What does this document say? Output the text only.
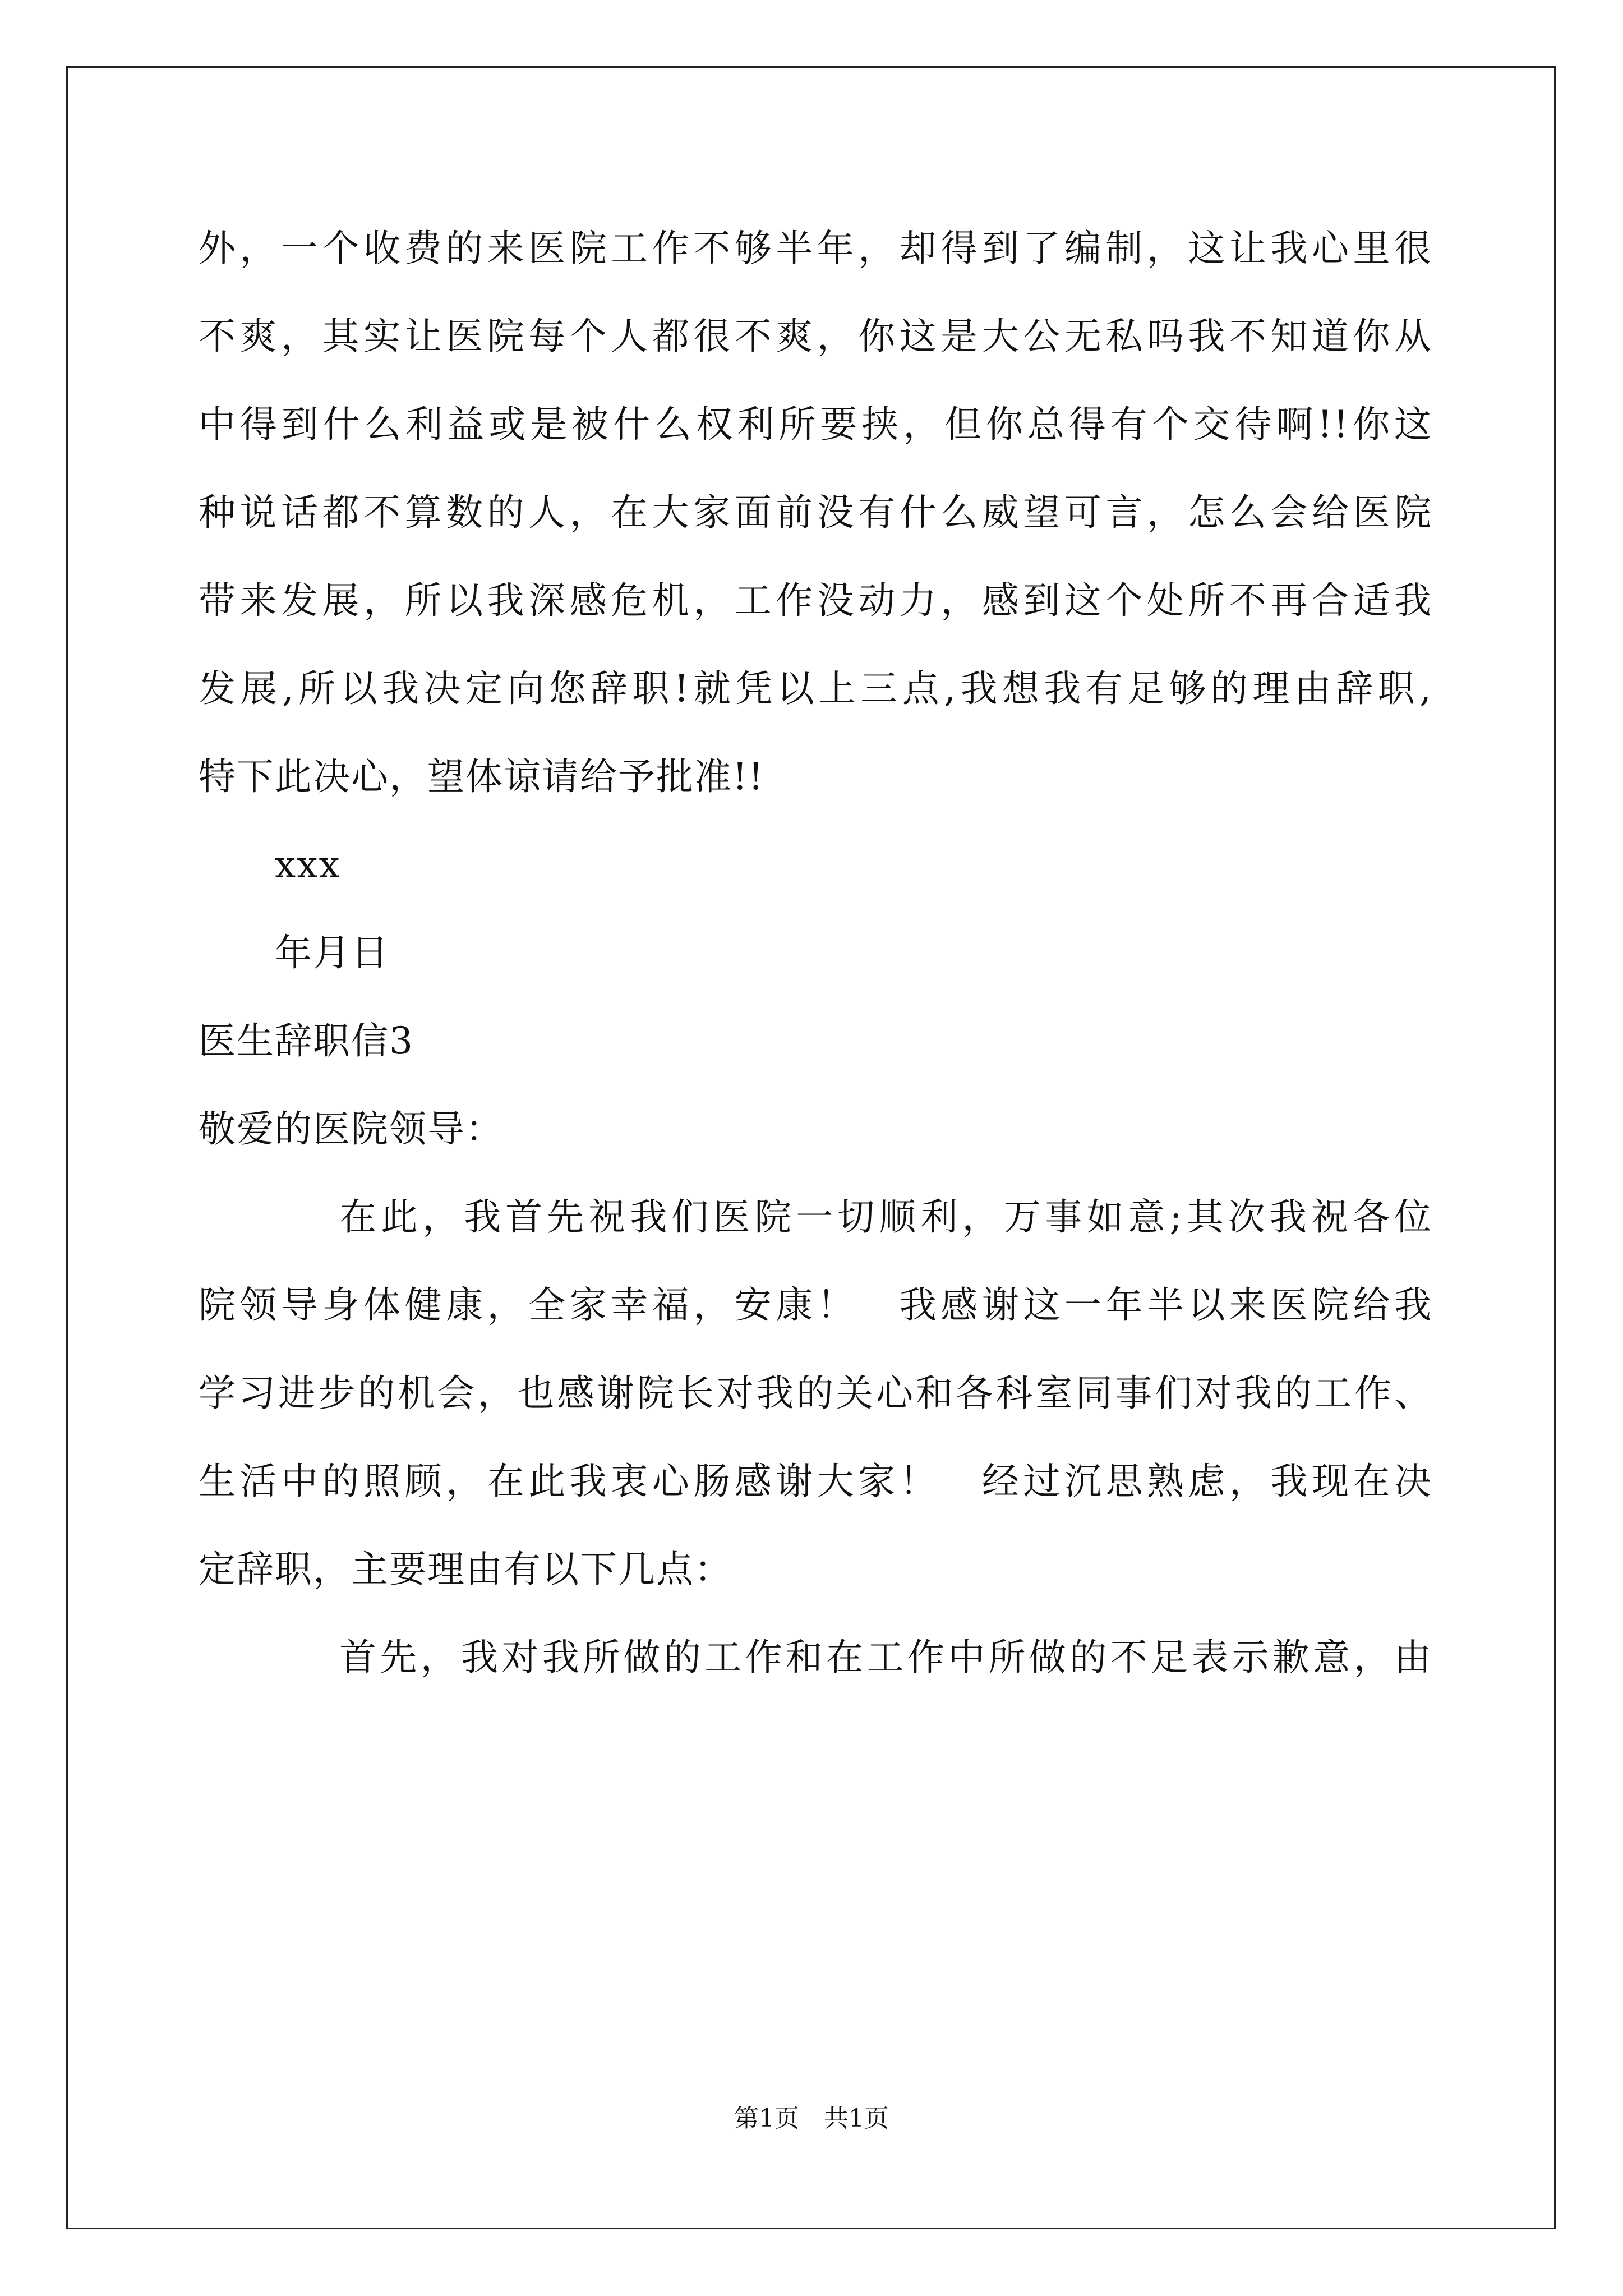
外，一个收费的来医院工作不够半年，却得到了编制，这让我心里很
不爽，其实让医院每个人都很不爽，你这是大公无私吗我不知道你从
中得到什么利益或是被什么权利所要挟，但你总得有个交待啊!!你这
种说话都不算数的人，在大家面前没有什么威望可言，怎么会给医院
带来发展，所以我深感危机，工作没动力，感到这个处所不再合适我
发展,所以我决定向您辞职!就凭以上三点,我想我有足够的理由辞职,
特下此决心，望体谅请给予批准!!
xxx
年月日
医生辞职信3
敬爱的医院领导：
在此，我首先祝我们医院一切顺利，万事如意;其次我祝各位
院领导身体健康，全家幸福，安康！　我感谢这一年半以来医院给我
学习进步的机会，也感谢院长对我的关心和各科室同事们对我的工作、
生活中的照顾，在此我衷心肠感谢大家！　经过沉思熟虑，我现在决
定辞职，主要理由有以下几点：
首先，我对我所做的工作和在工作中所做的不足表示歉意，由
第1页　共1页
